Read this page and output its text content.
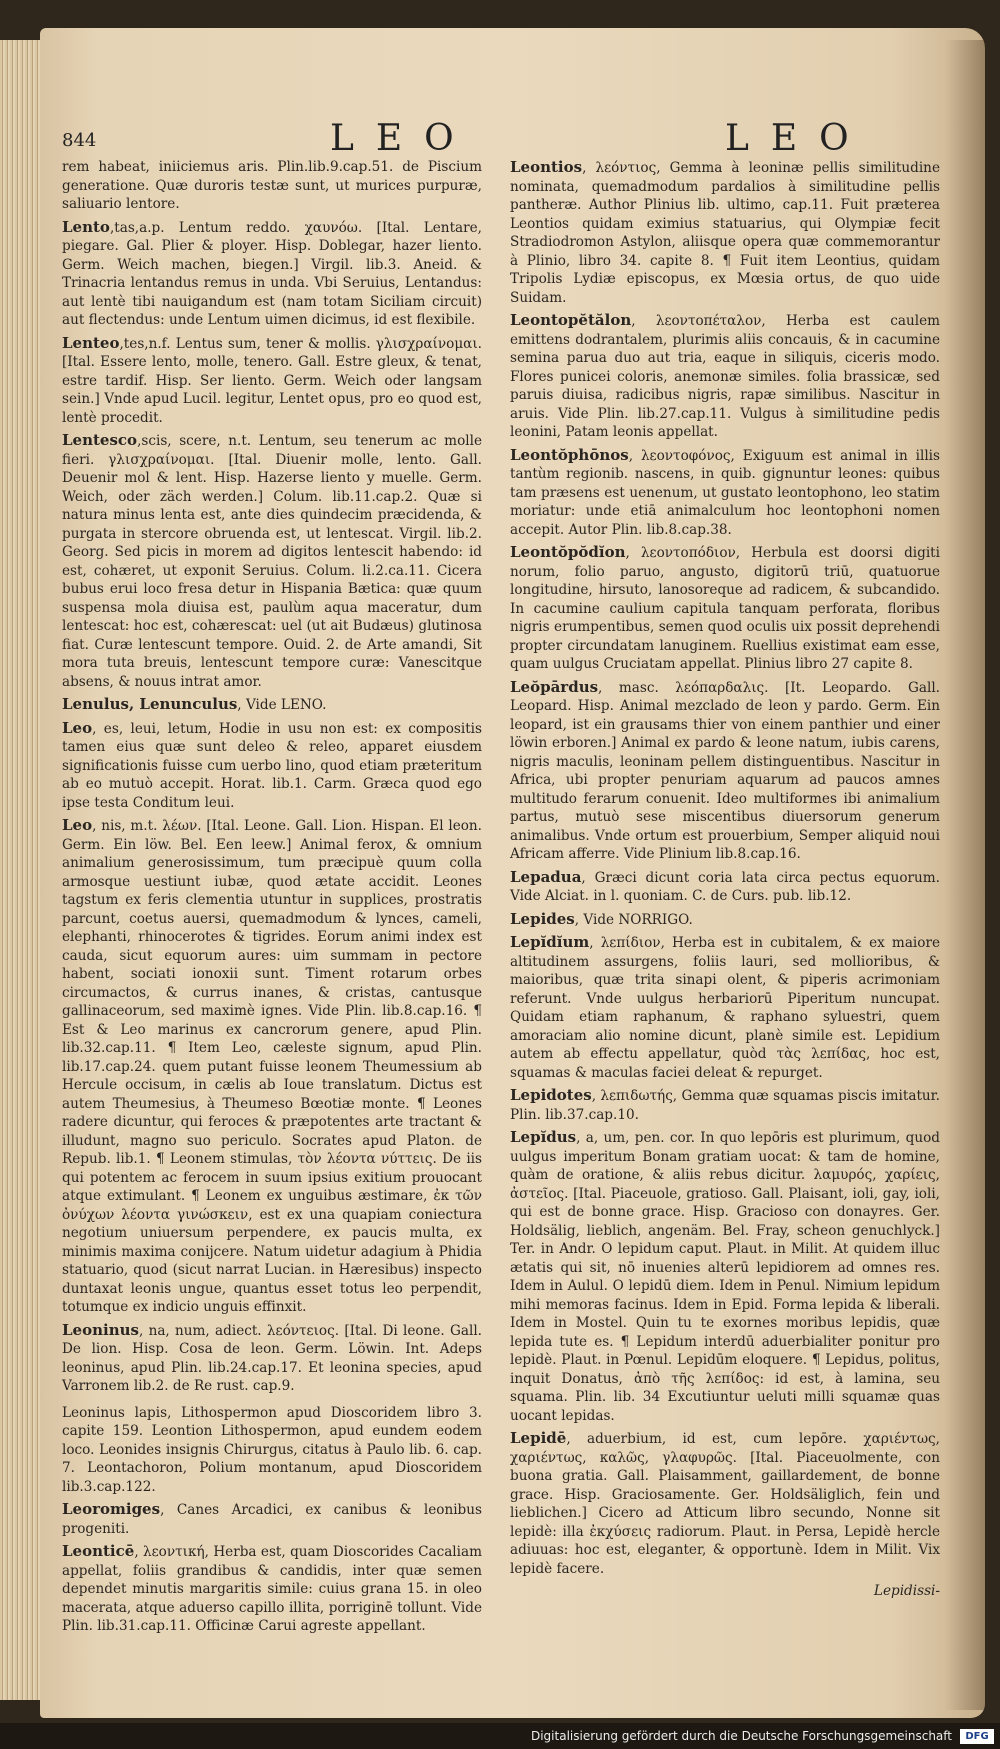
844	LEO	LEO

rem habeat, iniiciemus aris. Plin.lib.9.cap.51. de Piscium generatione. Quæ duroris testæ sunt, ut murices purpuræ, saliuario lentore.

Lento,tas,a.p. Lentum reddo. χαυνόω. [Ital. Lentare, piegare. Gal. Plier & ployer. Hisp. Doblegar, hazer liento. Germ. Weich machen, biegen.] Virgil. lib.3. Aneid. & Trinacria lentandus remus in unda. Vbi Seruius, Lentandus: aut lentè tibi nauigandum est (nam totam Siciliam circuit) aut flectendus: unde Lentum uimen dicimus, id est flexibile.

Lenteo,tes,n.f. Lentus sum, tener & mollis. γλισχραίνομαι. [Ital. Essere lento, molle, tenero. Gall. Estre gleux, & tenat, estre tardif. Hisp. Ser liento. Germ. Weich oder langsam sein.] Vnde apud Lucil. legitur, Lentet opus, pro eo quod est, lentè procedit.

Lentesco,scis, scere, n.t. Lentum, seu tenerum ac molle fieri. γλισχραίνομαι. [Ital. Diuenir molle, lento. Gall. Deuenir mol & lent. Hisp. Hazerse liento y muelle. Germ. Weich, oder zäch werden.] Colum. lib.11.cap.2. Quæ si natura minus lenta est, ante dies quindecim præcidenda, & purgata in stercore obruenda est, ut lentescat. Virgil. lib.2. Georg. Sed picis in morem ad digitos lentescit habendo: id est, cohæret, ut exponit Seruius. Colum. li.2.ca.11. Cicera bubus erui loco fresa detur in Hispania Bætica: quæ quum suspensa mola diuisa est, paulùm aqua maceratur, dum lentescat: hoc est, cohærescat: uel (ut ait Budæus) glutinosa fiat. Curæ lentescunt tempore. Ouid. 2. de Arte amandi, Sit mora tuta breuis, lentescunt tempore curæ: Vanescitque absens, & nouus intrat amor.

Lenulus, Lenunculus, Vide LENO.

Leo, es, leui, letum, Hodie in usu non est: ex compositis tamen eius quæ sunt deleo & releo, apparet eiusdem significationis fuisse cum uerbo lino, quod etiam præteritum ab eo mutuò accepit. Horat. lib.1. Carm. Græca quod ego ipse testa Conditum leui.

Leo, nis, m.t. λέων. [Ital. Leone. Gall. Lion. Hispan. El leon. Germ. Ein löw. Bel. Een leew.] Animal ferox, & omnium animalium generosissimum, tum præcipuè quum colla armosque uestiunt iubæ, quod ætate accidit. Leones tagstum ex feris clementia utuntur in supplices, prostratis parcunt, coetus auersi, quemadmodum & lynces, cameli, elephanti, rhinocerotes & tigrides. Eorum animi index est cauda, sicut equorum aures: uim summam in pectore habent, sociati ionoxii sunt. Timent rotarum orbes circumactos, & currus inanes, & cristas, cantusque gallinaceorum, sed maximè ignes. Vide Plin. lib.8.cap.16. ¶ Est & Leo marinus ex cancrorum genere, apud Plin. lib.32.cap.11. ¶ Item Leo, cæleste signum, apud Plin. lib.17.cap.24. quem putant fuisse leonem Theumessium ab Hercule occisum, in cælis ab Ioue translatum. Dictus est autem Theumesius, à Theumeso Bœotiæ monte. ¶ Leones radere dicuntur, qui feroces & præpotentes arte tractant & illudunt, magno suo periculo. Socrates apud Platon. de Repub. lib.1. ¶ Leonem stimulas, τὸν λέοντα νύττεις. De iis qui potentem ac ferocem in suum ipsius exitium prouocant atque extimulant. ¶ Leonem ex unguibus æstimare, ἐκ τῶν ὀνύχων λέοντα γινώσκειν, est ex una quapiam coniectura negotium uniuersum perpendere, ex paucis multa, ex minimis maxima conijcere. Natum uidetur adagium à Phidia statuario, quod (sicut narrat Lucian. in Hæresibus) inspecto duntaxat leonis ungue, quantus esset totus leo perpendit, totumque ex indicio unguis effinxit.

Leoninus, na, num, adiect. λεόντειος. [Ital. Di leone. Gall. De lion. Hisp. Cosa de leon. Germ. Löwin. Int. Adeps leoninus, apud Plin. lib.24.cap.17. Et leonina species, apud Varronem lib.2. de Re rust. cap.9.

Leoninus lapis, Lithospermon apud Dioscoridem libro 3. capite 159. Leontion Lithospermon, apud eundem eodem loco. Leonides insignis Chirurgus, citatus à Paulo lib. 6. cap. 7. Leontachoron, Polium montanum, apud Dioscoridem lib.3.cap.122.

Leoromiges, Canes Arcadici, ex canibus & leonibus progeniti.

Leonticē, λεοντική, Herba est, quam Dioscorides Cacaliam appellat, foliis grandibus & candidis, inter quæ semen dependet minutis margaritis simile: cuius grana 15. in oleo macerata, atque aduerso capillo illita, porriginē tollunt. Vide Plin. lib.31.cap.11. Officinæ Carui agreste appellant.

Leontios, λεόντιος, Gemma à leoninæ pellis similitudine nominata, quemadmodum pardalios à similitudine pellis pantheræ. Author Plinius lib. ultimo, cap.11. Fuit præterea Leontios quidam eximius statuarius, qui Olympiæ fecit Stradiodromon Astylon, aliisque opera quæ commemorantur à Plinio, libro 34. capite 8. ¶ Fuit item Leontius, quidam Tripolis Lydiæ episcopus, ex Mœsia ortus, de quo uide Suidam.

Leontopĕtălon, λεοντοπέταλον, Herba est caulem emittens dodrantalem, plurimis aliis concauis, & in cacumine semina parua duo aut tria, eaque in siliquis, ciceris modo. Flores punicei coloris, anemonæ similes. folia brassicæ, sed paruis diuisa, radicibus nigris, rapæ similibus. Nascitur in aruis. Vide Plin. lib.27.cap.11. Vulgus à similitudine pedis leonini, Patam leonis appellat.

Leontŏphōnos, λεοντοφόνος, Exiguum est animal in illis tantùm regionib. nascens, in quib. gignuntur leones: quibus tam præsens est uenenum, ut gustato leontophono, leo statim moriatur: unde etiā animalculum hoc leontophoni nomen accepit. Autor Plin. lib.8.cap.38.

Leontŏpŏdĭon, λεοντοπόδιον, Herbula est doorsi digiti norum, folio paruo, angusto, digitorū triū, quatuorue longitudine, hirsuto, lanosoreque ad radicem, & subcandido. In cacumine caulium capitula tanquam perforata, floribus nigris erumpentibus, semen quod oculis uix possit deprehendi propter circundatam lanuginem. Ruellius existimat eam esse, quam uulgus Cruciatam appellat. Plinius libro 27 capite 8.

Leŏpārdus, masc. λεόπαρδαλις. [It. Leopardo. Gall. Leopard. Hisp. Animal mezclado de leon y pardo. Germ. Ein leopard, ist ein grausams thier von einem panthier und einer löwin erboren.] Animal ex pardo & leone natum, iubis carens, nigris maculis, leoninam pellem distinguentibus. Nascitur in Africa, ubi propter penuriam aquarum ad paucos amnes multitudo ferarum conuenit. Ideo multiformes ibi animalium partus, mutuò sese miscentibus diuersorum generum animalibus. Vnde ortum est prouerbium, Semper aliquid noui Africam afferre. Vide Plinium lib.8.cap.16.

Lepadua, Græci dicunt coria lata circa pectus equorum. Vide Alciat. in l. quoniam. C. de Curs. pub. lib.12.

Lepides, Vide NORRIGO.

Lepĭdĭum, λεπίδιον, Herba est in cubitalem, & ex maiore altitudinem assurgens, foliis lauri, sed mollioribus, & maioribus, quæ trita sinapi olent, & piperis acrimoniam referunt. Vnde uulgus herbariorū Piperitum nuncupat. Quidam etiam raphanum, & raphano syluestri, quem amoraciam alio nomine dicunt, planè simile est. Lepidium autem ab effectu appellatur, quòd τὰς λεπίδας, hoc est, squamas & maculas faciei deleat & repurget.

Lepidotes, λεπιδωτής, Gemma quæ squamas piscis imitatur. Plin. lib.37.cap.10.

Lepĭdus, a, um, pen. cor. In quo lepōris est plurimum, quod uulgus imperitum Bonam gratiam uocat: & tam de homine, quàm de oratione, & aliis rebus dicitur. λαμυρός, χαρίεις, ἀστεῖος. [Ital. Piaceuole, gratioso. Gall. Plaisant, ioli, gay, ioli, qui est de bonne grace. Hisp. Gracioso con donayres. Ger. Holdsälig, lieblich, angenäm. Bel. Fray, scheon genuchlyck.] Ter. in Andr. O lepidum caput. Plaut. in Milit. At quidem illuc ætatis qui sit, nō inuenies alterū lepidiorem ad omnes res. Idem in Aulul. O lepidū diem. Idem in Penul. Nimium lepidum mihi memoras facinus. Idem in Epid. Forma lepida & liberali. Idem in Mostel. Quin tu te exornes moribus lepidis, quæ lepida tute es. ¶ Lepidum interdū aduerbialiter ponitur pro lepidè. Plaut. in Pœnul. Lepidūm eloquere. ¶ Lepidus, politus, inquit Donatus, ἀπὸ τῆς λεπίδος: id est, à lamina, seu squama. Plin. lib. 34 Excutiuntur ueluti milli squamæ quas uocant lepidas.

Lepidē, aduerbium, id est, cum lepōre. χαριέντως, χαριέντως, καλῶς, γλαφυρῶς. [Ital. Piaceuolmente, con buona gratia. Gall. Plaisamment, gaillardement, de bonne grace. Hisp. Graciosamente. Ger. Holdsäliglich, fein und lieblichen.] Cicero ad Atticum libro secundo, Nonne sit lepidè: illa ἐκχύσεις radiorum. Plaut. in Persa, Lepidè hercle adiuuas: hoc est, eleganter, & opportunè. Idem in Milit. Vix lepidè facere.

Lepidissi-

Digitalisierung gefördert durch die Deutsche Forschungsgemeinschaft	DFG
